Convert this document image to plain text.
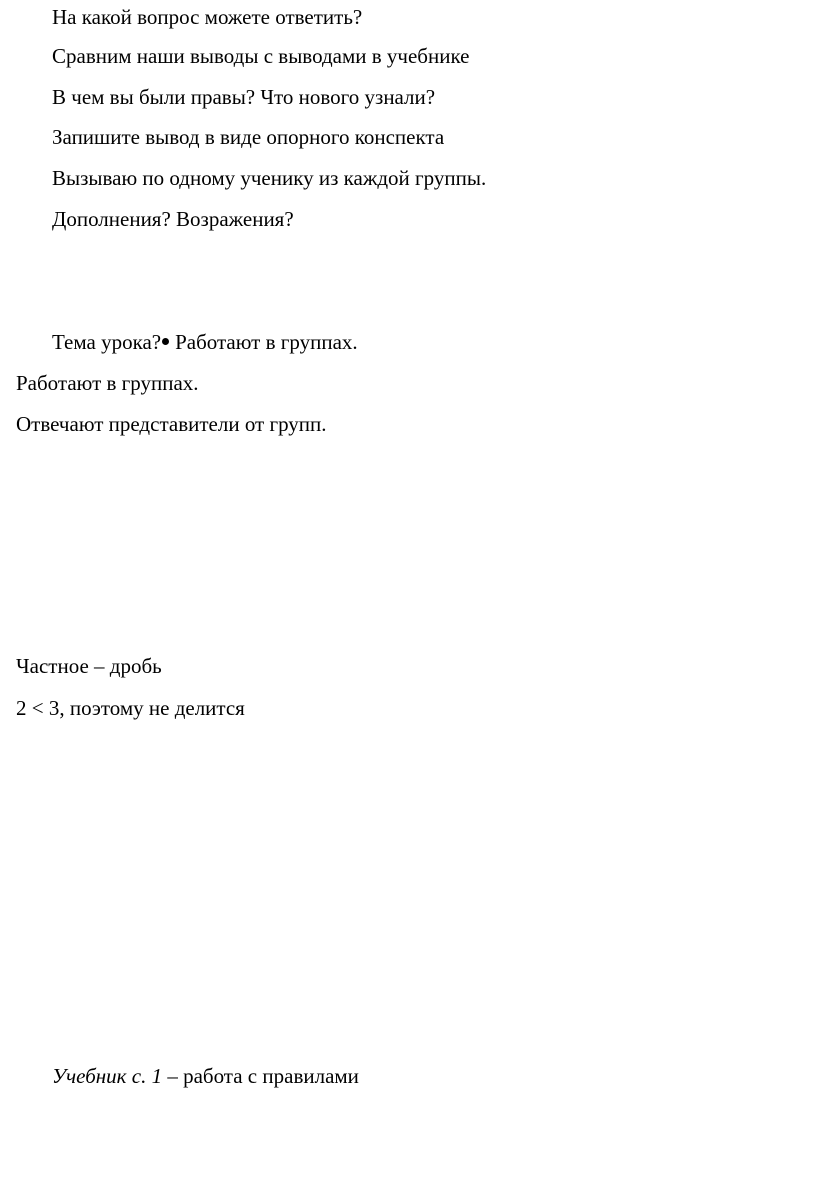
На какой вопрос можете ответить?
Сравним наши выводы с выводами в учебнике
В чем вы были правы? Что нового узнали?
Запишите вывод в виде опорного конспекта
Вызываю по одному ученику из каждой группы.
Дополнения? Возражения?
Тема урока? Работают в группах.
Работают в группах.
Отвечают представители от групп.
Частное – дробь
2 < 3, поэтому не делится
Учебник с. 1 – работа с правилами
